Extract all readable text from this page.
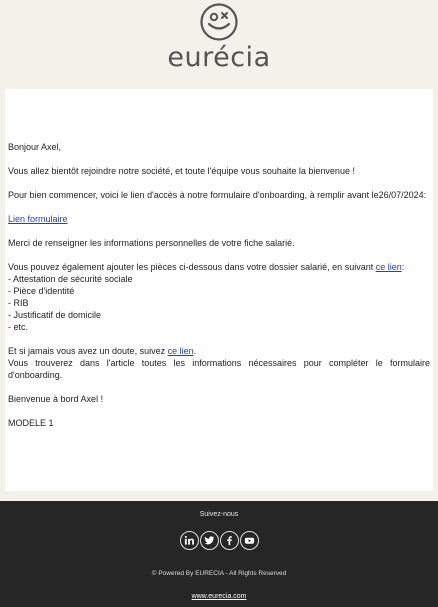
eurécia

Bonjour Axel,

Vous allez bientôt rejoindre notre société, et toute l'équipe vous souhaite la bienvenue !

Pour bien commencer, voici le lien d'accès à notre formulaire d'onboarding, à remplir avant le26/07/2024:

Lien formulaire

Merci de renseigner les informations personnelles de votre fiche salarié.

Vous pouvez également ajouter les pièces ci-dessous dans votre dossier salarié, en suivant ce lien:

- Attestation de sécurité sociale

- Pièce d'identité

- RIB

- Justificatif de domicile

- etc.

Et si jamais vous avez un doute, suivez ce lien.

Vous trouverez dans l'article toutes les informations nécessaires pour compléter le formulaire d'onboarding.

Bienvenue à bord Axel !

MODELE 1

Suivez-nous
© Powered By EURECIA - All Rights Reserved
www.eurecia.com
